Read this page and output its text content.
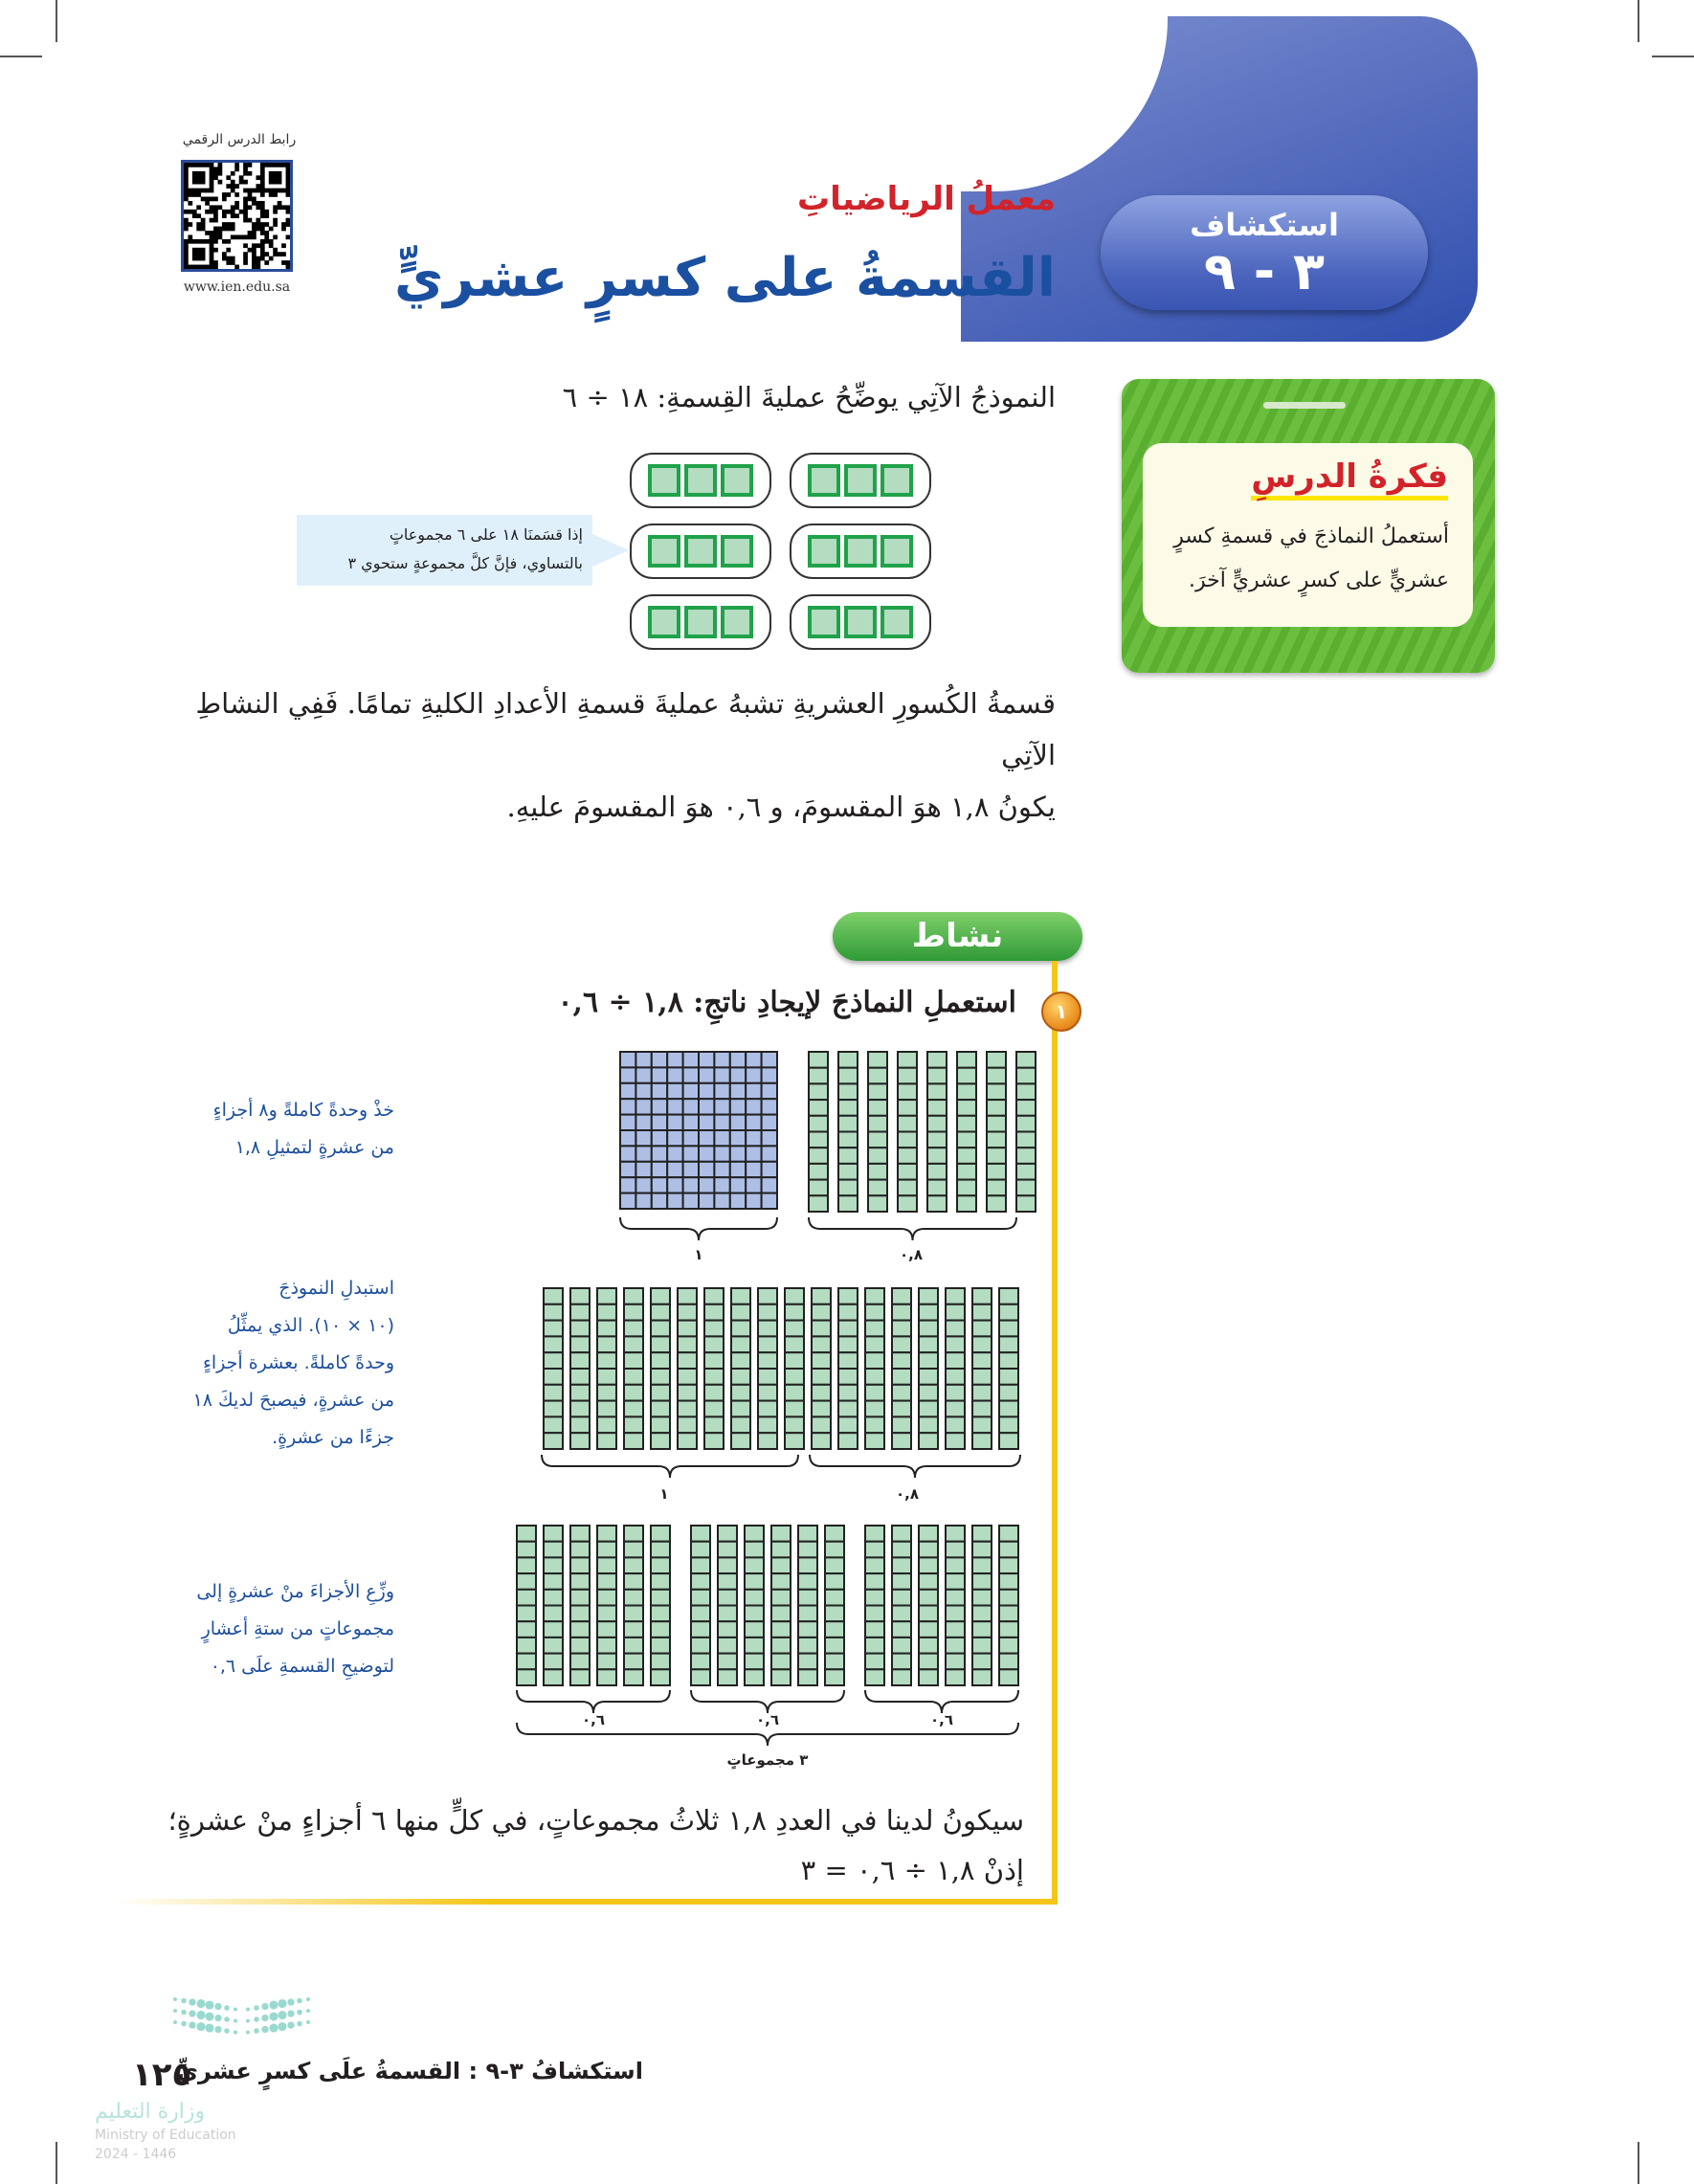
استكشاف
٣ - ٩
معملُ الرياضياتِ
القسمةُ على كسرٍ عشريٍّ
رابط الدرس الرقمي
www.ien.edu.sa
فكرةُ الدرسِ
أستعملُ النماذجَ في قسمةِ كسرٍ عشريٍّ على كسرٍ عشريٍّ آخرَ.
النموذجُ الآتِي يوضِّحُ عمليةَ القِسمةِ: ١٨ ÷ ٦
إذا قسَمنَا ١٨ على ٦ مجموعاتٍ
بالتساوي، فإنَّ كلَّ مجموعةٍ ستحوي ٣
قسمةُ الكُسورِ العشريةِ تشبهُ عمليةَ قسمةِ الأعدادِ الكليةِ تمامًا. فَفِي النشاطِ الآتِي
يكونُ ١,٨ هوَ المقسومَ، و ٠,٦ هوَ المقسومَ عليهِ.
نشاط
١
استعملِ النماذجَ لإيجادِ ناتجِ: ١,٨ ÷ ٠,٦
١	٠,٨
١	٠,٨
٠,٦	٠,٦	٠,٦
٣ مجموعاتٍ
خذْ وحدةً كاملةً و٨ أجزاءٍ
من عشرةٍ لتمثيلِ ١,٨
استبدلِ النموذجَ
(١٠ × ١٠). الذي يمثِّلُ
وحدةً كاملةً. بعشرة أجزاءٍ
من عشرةٍ، فيصبحَ لديكَ ١٨
جزءًا من عشرةٍ.
وزِّعِ الأجزاءَ منْ عشرةٍ إلى
مجموعاتٍ من ستةِ أعشارٍ
لتوضيحِ القسمةِ علَى ٠,٦
سيكونُ لدينا في العددِ ١,٨ ثلاثُ مجموعاتٍ، في كلٍّ منها ٦ أجزاءٍ منْ عشرةٍ؛
إذنْ ١,٨ ÷ ٠,٦ = ٣
١٢٥
استكشافُ ٣-٩ : القسمةُ علَى كسرٍ عشريٍّ
وزارة التعليم
Ministry of Education
2024 - 1446
